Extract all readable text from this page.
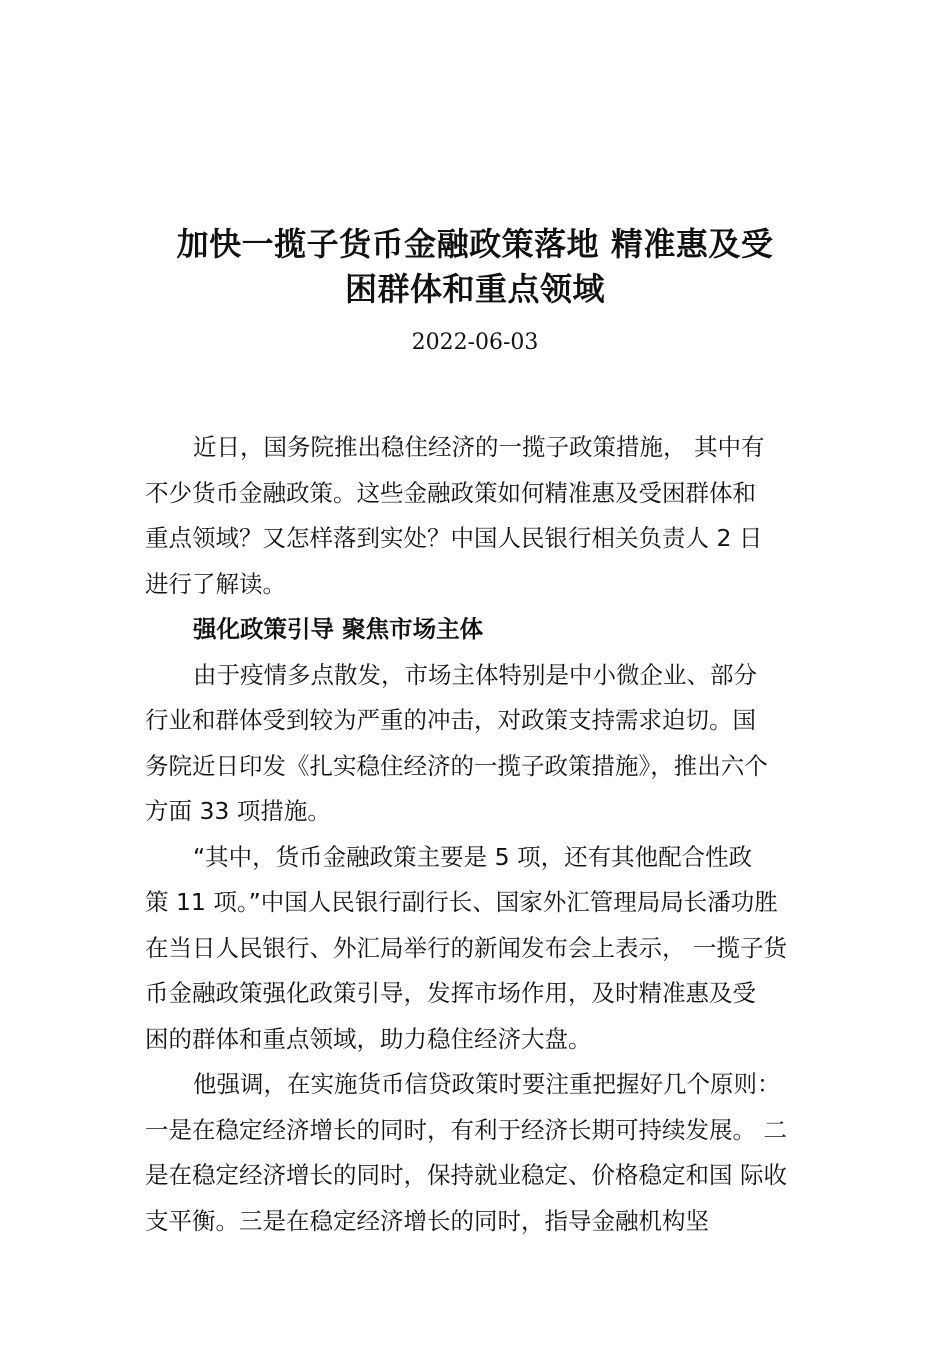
加快一揽子货币金融政策落地 精准惠及受
困群体和重点领域
2022-06-03
近日，国务院推出稳住经济的一揽子政策措施， 其中有
不少货币金融政策。这些金融政策如何精准惠及受困群体和
重点领域？又怎样落到实处？中国人民银行相关负责人 2 日
进行了解读。
强化政策引导 聚焦市场主体
由于疫情多点散发，市场主体特别是中小微企业、部分
行业和群体受到较为严重的冲击，对政策支持需求迫切。国
务院近日印发《扎实稳住经济的一揽子政策措施》，推出六个
方面 33 项措施。
“其中，货币金融政策主要是 5 项，还有其他配合性政
策 11 项。”中国人民银行副行长、国家外汇管理局局长潘功胜
在当日人民银行、外汇局举行的新闻发布会上表示， 一揽子货
币金融政策强化政策引导，发挥市场作用，及时精准惠及受
困的群体和重点领域，助力稳住经济大盘。
他强调，在实施货币信贷政策时要注重把握好几个原则：
一是在稳定经济增长的同时，有利于经济长期可持续发展。 二
是在稳定经济增长的同时，保持就业稳定、价格稳定和国 际收
支平衡。三是在稳定经济增长的同时，指导金融机构坚
